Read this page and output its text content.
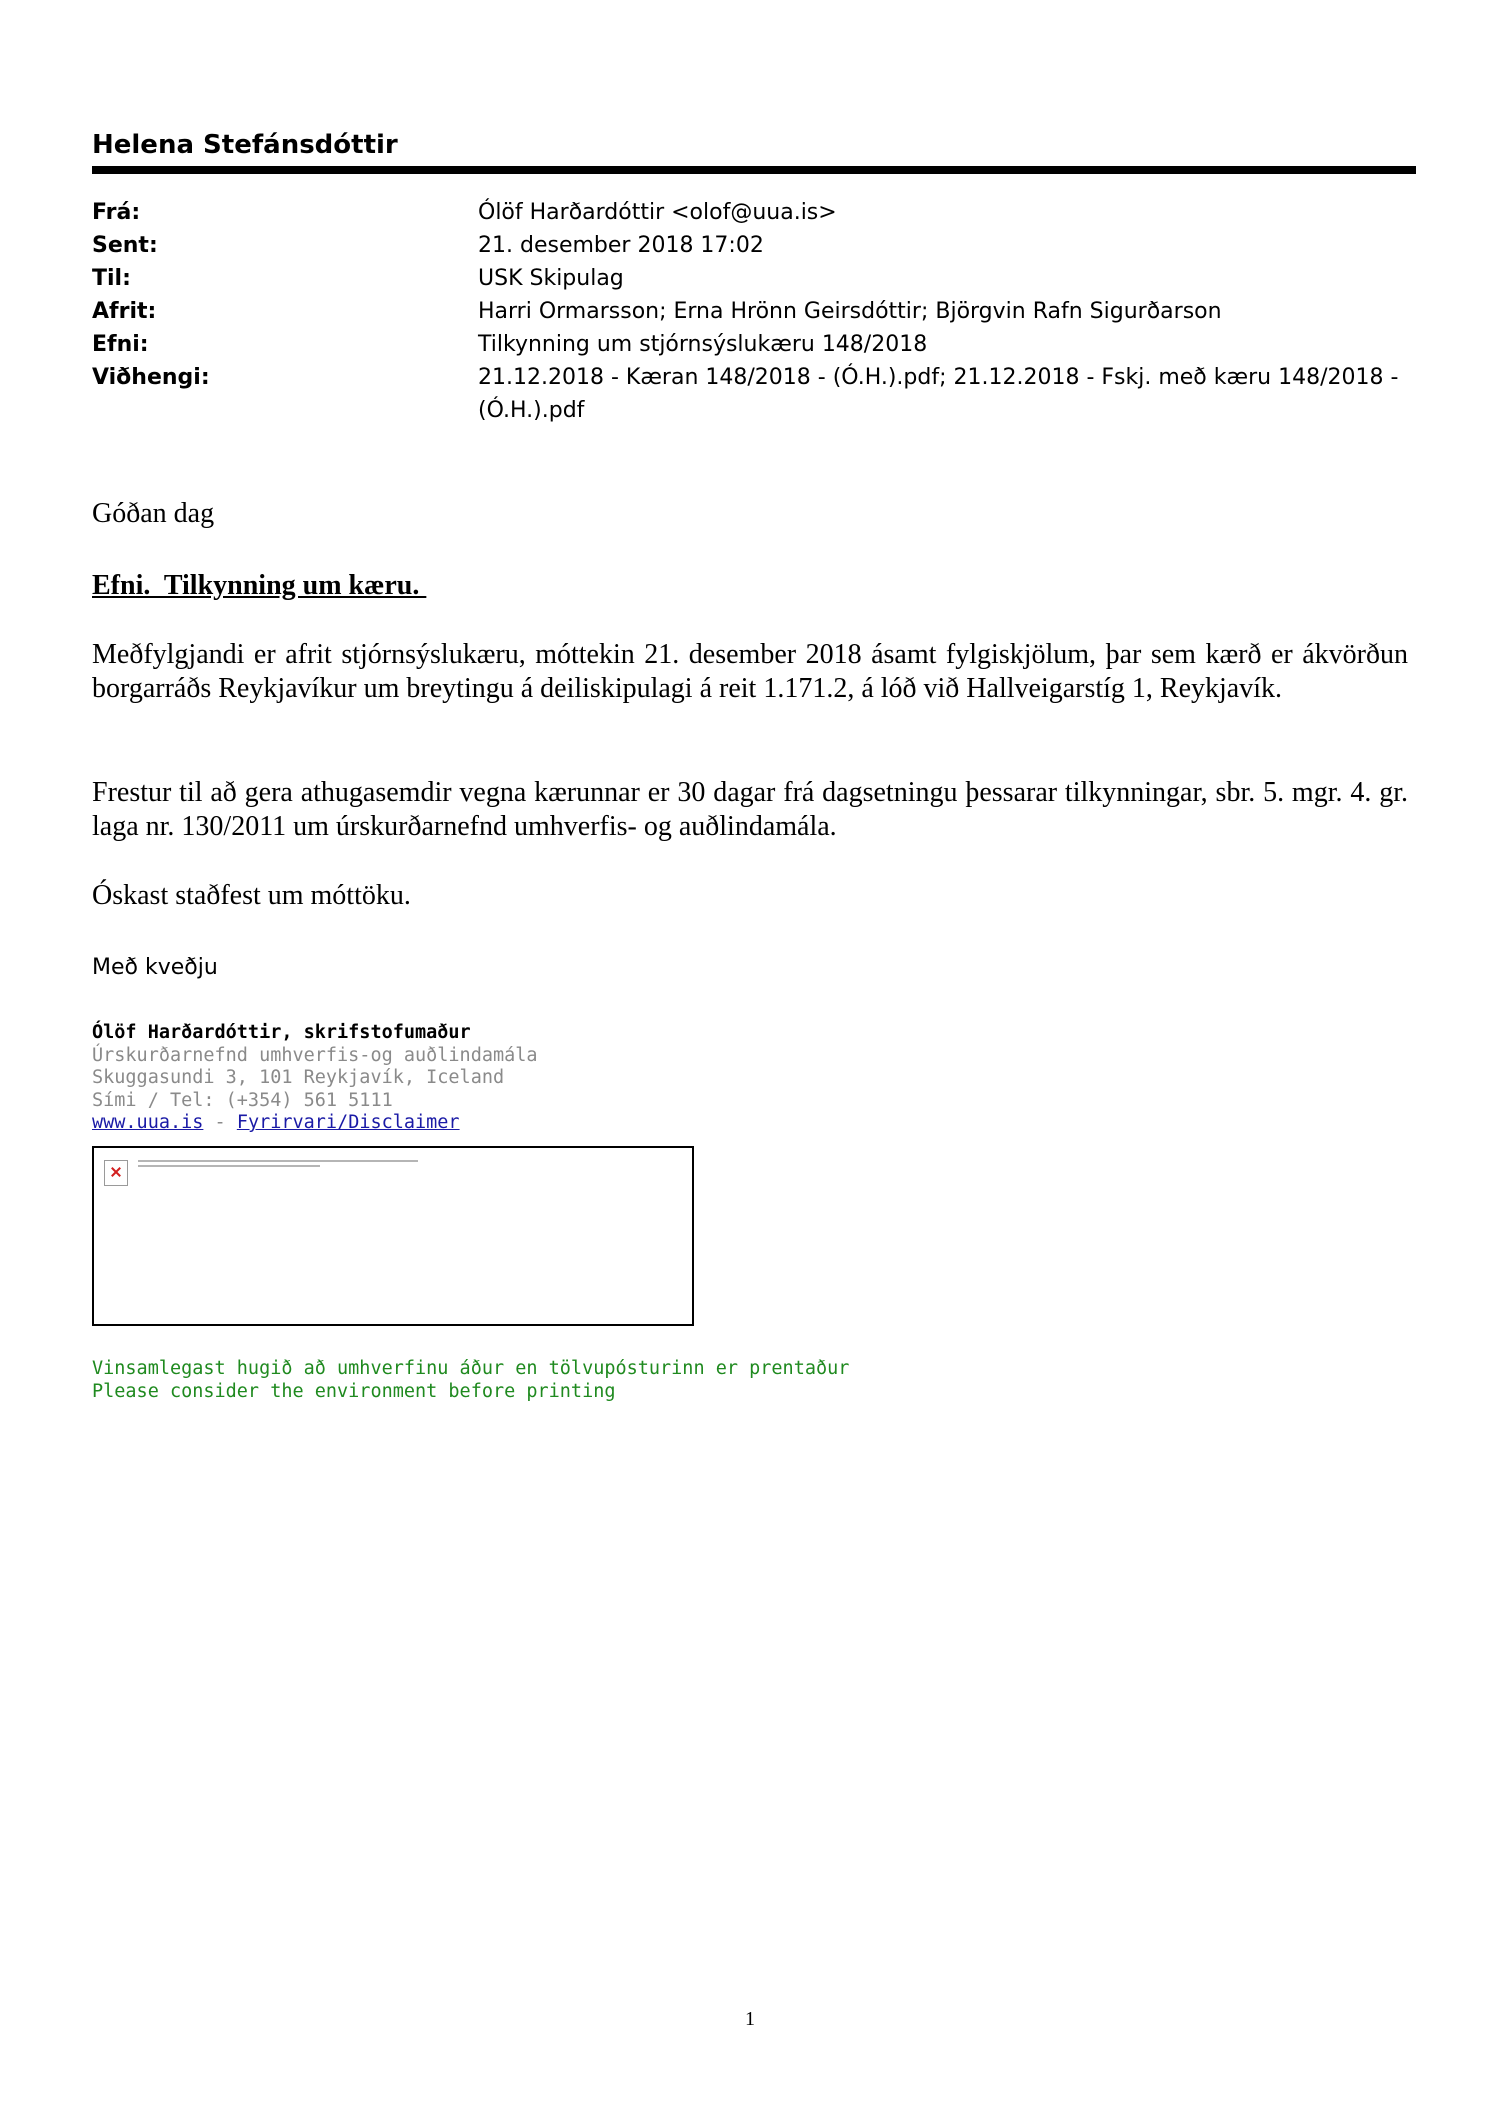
Helena Stefánsdóttir
Frá:	Ólöf Harðardóttir <olof@uua.is>
Sent:	21. desember 2018 17:02
Til:	USK Skipulag
Afrit:	Harri Ormarsson; Erna Hrönn Geirsdóttir; Björgvin Rafn Sigurðarson
Efni:	Tilkynning um stjórnsýslukæru 148/2018
Viðhengi:	21.12.2018 - Kæran 148/2018 - (Ó.H.).pdf; 21.12.2018 - Fskj. með kæru 148/2018 - (Ó.H.).pdf
Góðan dag
Efni.  Tilkynning um kæru.
Meðfylgjandi er afrit stjórnsýslukæru, móttekin 21. desember 2018 ásamt fylgiskjölum, þar sem kærð er ákvörðun borgarráðs Reykjavíkur um breytingu á deiliskipulagi á reit 1.171.2, á lóð við Hallveigarstíg 1, Reykjavík.
Frestur til að gera athugasemdir vegna kærunnar er 30 dagar frá dagsetningu þessarar tilkynningar, sbr. 5. mgr. 4. gr. laga nr. 130/2011 um úrskurðarnefnd umhverfis- og auðlindamála.
Óskast staðfest um móttöku.
Með kveðju
Ólöf Harðardóttir, skrifstofumaður
Úrskurðarnefnd umhverfis-og auðlindamála
Skuggasundi 3, 101 Reykjavík, Iceland
Sími / Tel: (+354) 561 5111
www.uua.is - Fyrirvari/Disclaimer
Vinsamlegast hugið að umhverfinu áður en tölvupósturinn er prentaður
Please consider the environment before printing
1
